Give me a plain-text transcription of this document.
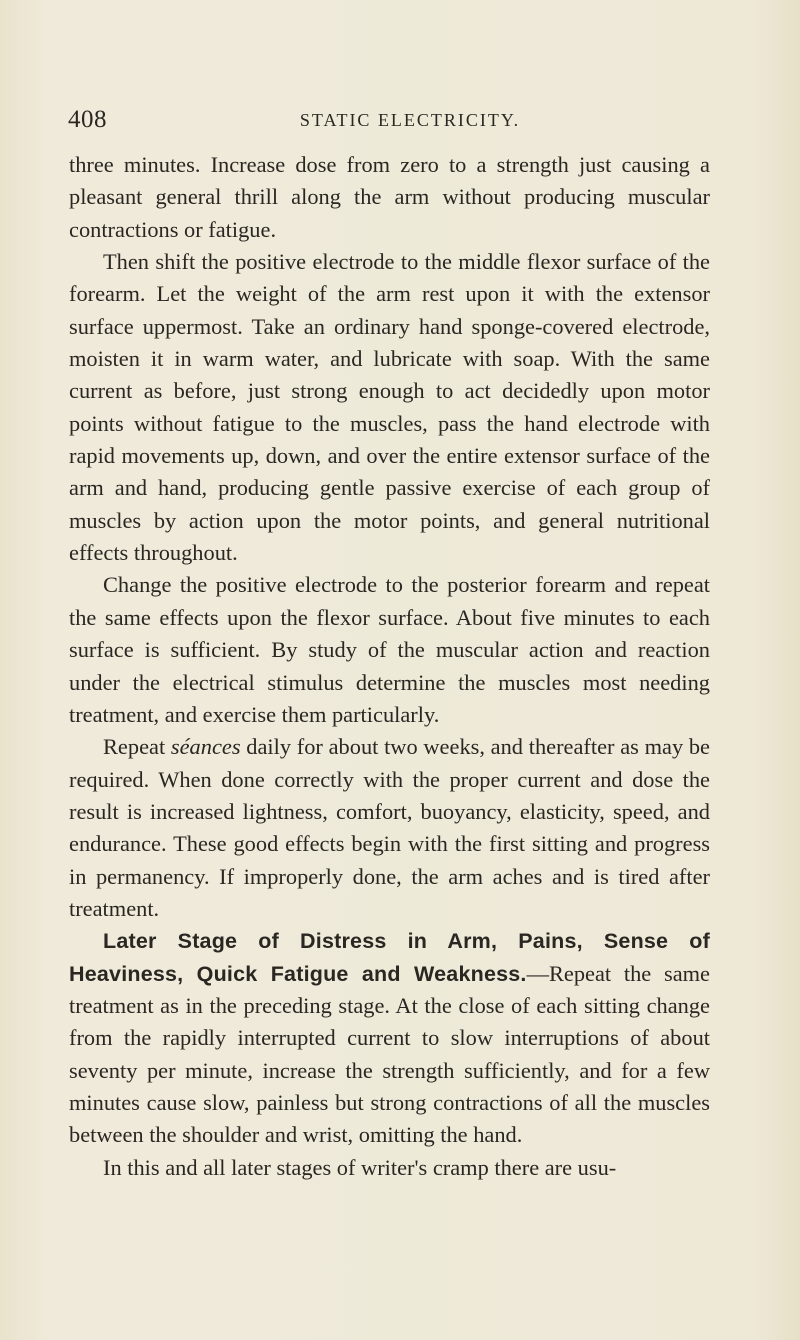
408	STATIC ELECTRICITY.

three minutes. Increase dose from zero to a strength just causing a pleasant general thrill along the arm without producing muscular contractions or fatigue.

Then shift the positive electrode to the middle flexor surface of the forearm. Let the weight of the arm rest upon it with the extensor surface uppermost. Take an ordinary hand sponge-covered electrode, moisten it in warm water, and lubricate with soap. With the same current as before, just strong enough to act decidedly upon motor points without fatigue to the muscles, pass the hand electrode with rapid movements up, down, and over the entire extensor surface of the arm and hand, producing gentle passive exercise of each group of muscles by action upon the motor points, and general nutritional effects throughout.

Change the positive electrode to the posterior forearm and repeat the same effects upon the flexor surface. About five minutes to each surface is sufficient. By study of the muscular action and reaction under the electrical stimulus determine the muscles most needing treatment, and exercise them particularly.

Repeat séances daily for about two weeks, and thereafter as may be required. When done correctly with the proper current and dose the result is increased lightness, comfort, buoyancy, elasticity, speed, and endurance. These good effects begin with the first sitting and progress in permanency. If improperly done, the arm aches and is tired after treatment.

Later Stage of Distress in Arm, Pains, Sense of Heaviness, Quick Fatigue and Weakness.—Repeat the same treatment as in the preceding stage. At the close of each sitting change from the rapidly interrupted current to slow interruptions of about seventy per minute, increase the strength sufficiently, and for a few minutes cause slow, painless but strong contractions of all the muscles between the shoulder and wrist, omitting the hand.

In this and all later stages of writer's cramp there are usu-
